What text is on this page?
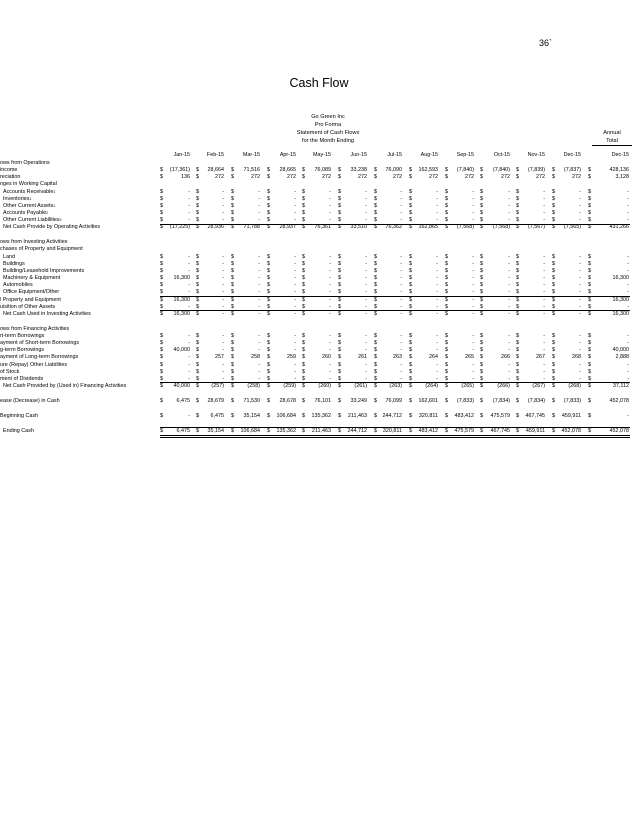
36`
Cash Flow
Go Green Inc
Pro Forma
Statement of Cash Flows
for the Month Ending
Annual
Total
Jan-15	Feb-15	Mar-15	Apr-15	May-15	Jun-15	Jul-15	Aug-15	Sep-15	Oct-15	Nov-15	Dec-15	Dec-15
ows from Operations
income	$ (17,361) $ 28,664 $ 71,516 $ 28,665 $ 76,089 $ 33,238 $ 76,090 $ 162,593 $ (7,840) $ (7,840) $ (7,839) $ (7,837) $	428,136
reciation	$	136 $	272 $	272 $	272 $	272 $	272 $	272 $	272 $	272 $	272 $	272 $	272 $	3,128
nges in Working Capital
Accounts Receivable$^1$	$	- $	- $	- $	- $	- $	- $	- $	- $	- $	- $	- $	- $	-
Inventories$^1$	$	- $	- $	- $	- $	- $	- $	- $	- $	- $	- $	- $	- $	-
Other Current Assets$^1$	$	- $	- $	- $	- $	- $	- $	- $	- $	- $	- $	- $	- $	-
Accounts Payable$^2$	$	- $	- $	- $	- $	- $	- $	- $	- $	- $	- $	- $	- $	-
Other Current Liabilities$^2$	$	- $	- $	- $	- $	- $	- $	- $	- $	- $	- $	- $	- $	-
Net Cash Provide by Operating Activities	$ (17,225) $ 28,936 $ 71,788 $ 28,937 $ 76,361 $ 33,510 $ 76,362 $ 162,865 $ (7,568) $ (7,568) $ (7,567) $ (7,565) $	431,266
ows from Investing Activities
chases of Property and Equipment
Land	$	- $	- $	- $	- $	- $	- $	- $	- $	- $	- $	- $	- $	-
Buildings	$	- $	- $	- $	- $	- $	- $	- $	- $	- $	- $	- $	- $	-
Building/Leasehold Improvements	$	- $	- $	- $	- $	- $	- $	- $	- $	- $	- $	- $	- $	-
Machinery & Equipment	$ 16,300 $	- $	- $	- $	- $	- $	- $	- $	- $	- $	- $	- $	16,300
Automobiles	$	- $	- $	- $	- $	- $	- $	- $	- $	- $	- $	- $	- $	-
Office Equipment/Other	$	- $	- $	- $	- $	- $	- $	- $	- $	- $	- $	- $	- $	-
l Property and Equipment	$ 16,300 $	- $	- $	- $	- $	- $	- $	- $	- $	- $	- $	- $	16,300
uisition of Other Assets	$	- $	- $	- $	- $	- $	- $	- $	- $	- $	- $	- $	- $	-
Net Cash Used in Investing Activities	$ 16,300 $	- $	- $	- $	- $	- $	- $	- $	- $	- $	- $	- $	16,300
ows from Financing Activities
rt-term Borrowings	$	- $	- $	- $	- $	- $	- $	- $	- $	- $	- $	- $	- $	-
ayment of Short-term Borrowings	$	- $	- $	- $	- $	- $	- $	- $	- $	- $	- $	- $	- $	-
g-term Borrowings	$ 40,000 $	- $	- $	- $	- $	- $	- $	- $	- $	- $	- $	- $	40,000
ayment of Long-term Borrowings	$	- $	257 $	258 $	259 $	260 $	261 $	263 $	264 $	265 $	266 $	267 $	268 $	2,888
ure (Repay) Other Liabilities	$	- $	- $	- $	- $	- $	- $	- $	- $	- $	- $	- $	- $	-
of Stock	$	- $	- $	- $	- $	- $	- $	- $	- $	- $	- $	- $	- $	-
ment of Dividends	$	- $	- $	- $	- $	- $	- $	- $	- $	- $	- $	- $	- $	-
Net Cash Provided by (Used in) Financing Activities	$ 40,000 $ (257) $ (258) $ (259) $ (260) $ (261) $ (263) $ (264) $ (265) $	(266) $ (267) $ (268) $	37,112
ease (Decrease) in Cash	$	6,475 $ 28,679 $ 71,530 $ 28,678 $ 76,101 $ 33,249 $ 76,099 $ 162,601 $ (7,833) $ (7,834) $ (7,834) $ (7,833) $	452,078
Beginning Cash	$	- $ 6,475 $ 35,154 $ 106,684 $ 135,362 $ 211,463 $ 244,712 $ 320,811 $ 483,412 $ 475,579 $ 467,745 $ 459,911 $	-
Ending Cash	$	6,475 $ 35,154 $ 106,684 $ 135,362 $ 211,463 $ 244,712 $ 320,811 $ 483,412 $ 475,579 $ 467,745 $ 459,911 $ 452,078 $	452,078
